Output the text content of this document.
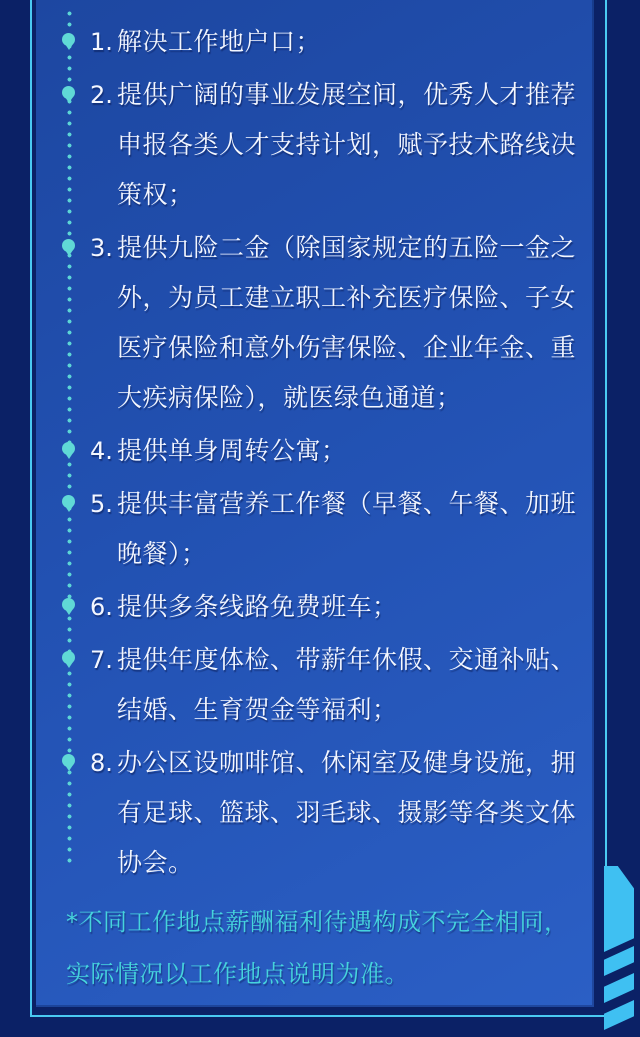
1. 解决工作地户口；
2. 提供广阔的事业发展空间，优秀人才推荐
申报各类人才支持计划，赋予技术路线决
策权；
3. 提供九险二金（除国家规定的五险一金之
外，为员工建立职工补充医疗保险、子女
医疗保险和意外伤害保险、企业年金、重
大疾病保险），就医绿色通道；
4. 提供单身周转公寓；
5. 提供丰富营养工作餐（早餐、午餐、加班
晚餐）；
6. 提供多条线路免费班车；
7. 提供年度体检、带薪年休假、交通补贴、
结婚、生育贺金等福利；
8. 办公区设咖啡馆、休闲室及健身设施，拥
有足球、篮球、羽毛球、摄影等各类文体
协会。
*不同工作地点薪酬福利待遇构成不完全相同，
实际情况以工作地点说明为准。
